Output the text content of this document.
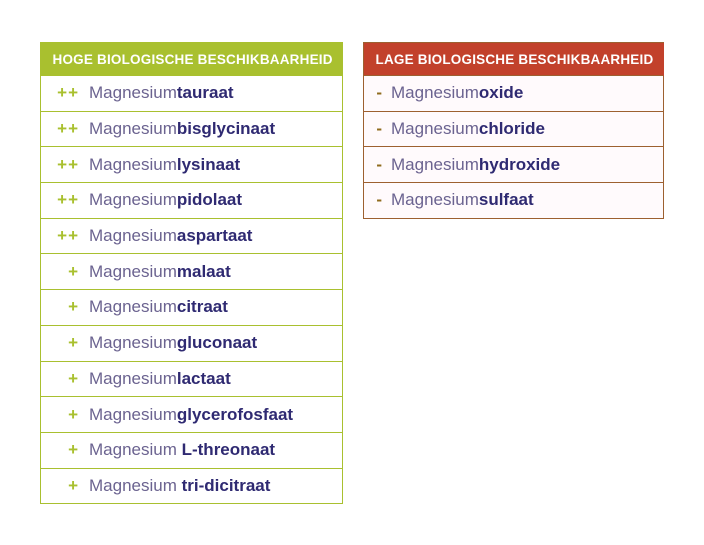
HOGE BIOLOGISCHE BESCHIKBAARHEID
++ Magnesiumtauraat
++ Magnesiumbisglycinaat
++ Magnesiumlysinaat
++ Magnesiumpidolaat
++ Magnesiumaspartaat
+ Magnesiummalaat
+ Magnesiumcitraat
+ Magnesiumgluconaat
+ Magnesiumlactaat
+ Magnesiumglycerofosfaat
+ Magnesium L-threonaat
+ Magnesium tri-dicitraat
LAGE BIOLOGISCHE BESCHIKBAARHEID
- Magnesiumoxide
- Magnesiumchloride
- Magnesiumhydroxide
- Magnesiumsulfaat
